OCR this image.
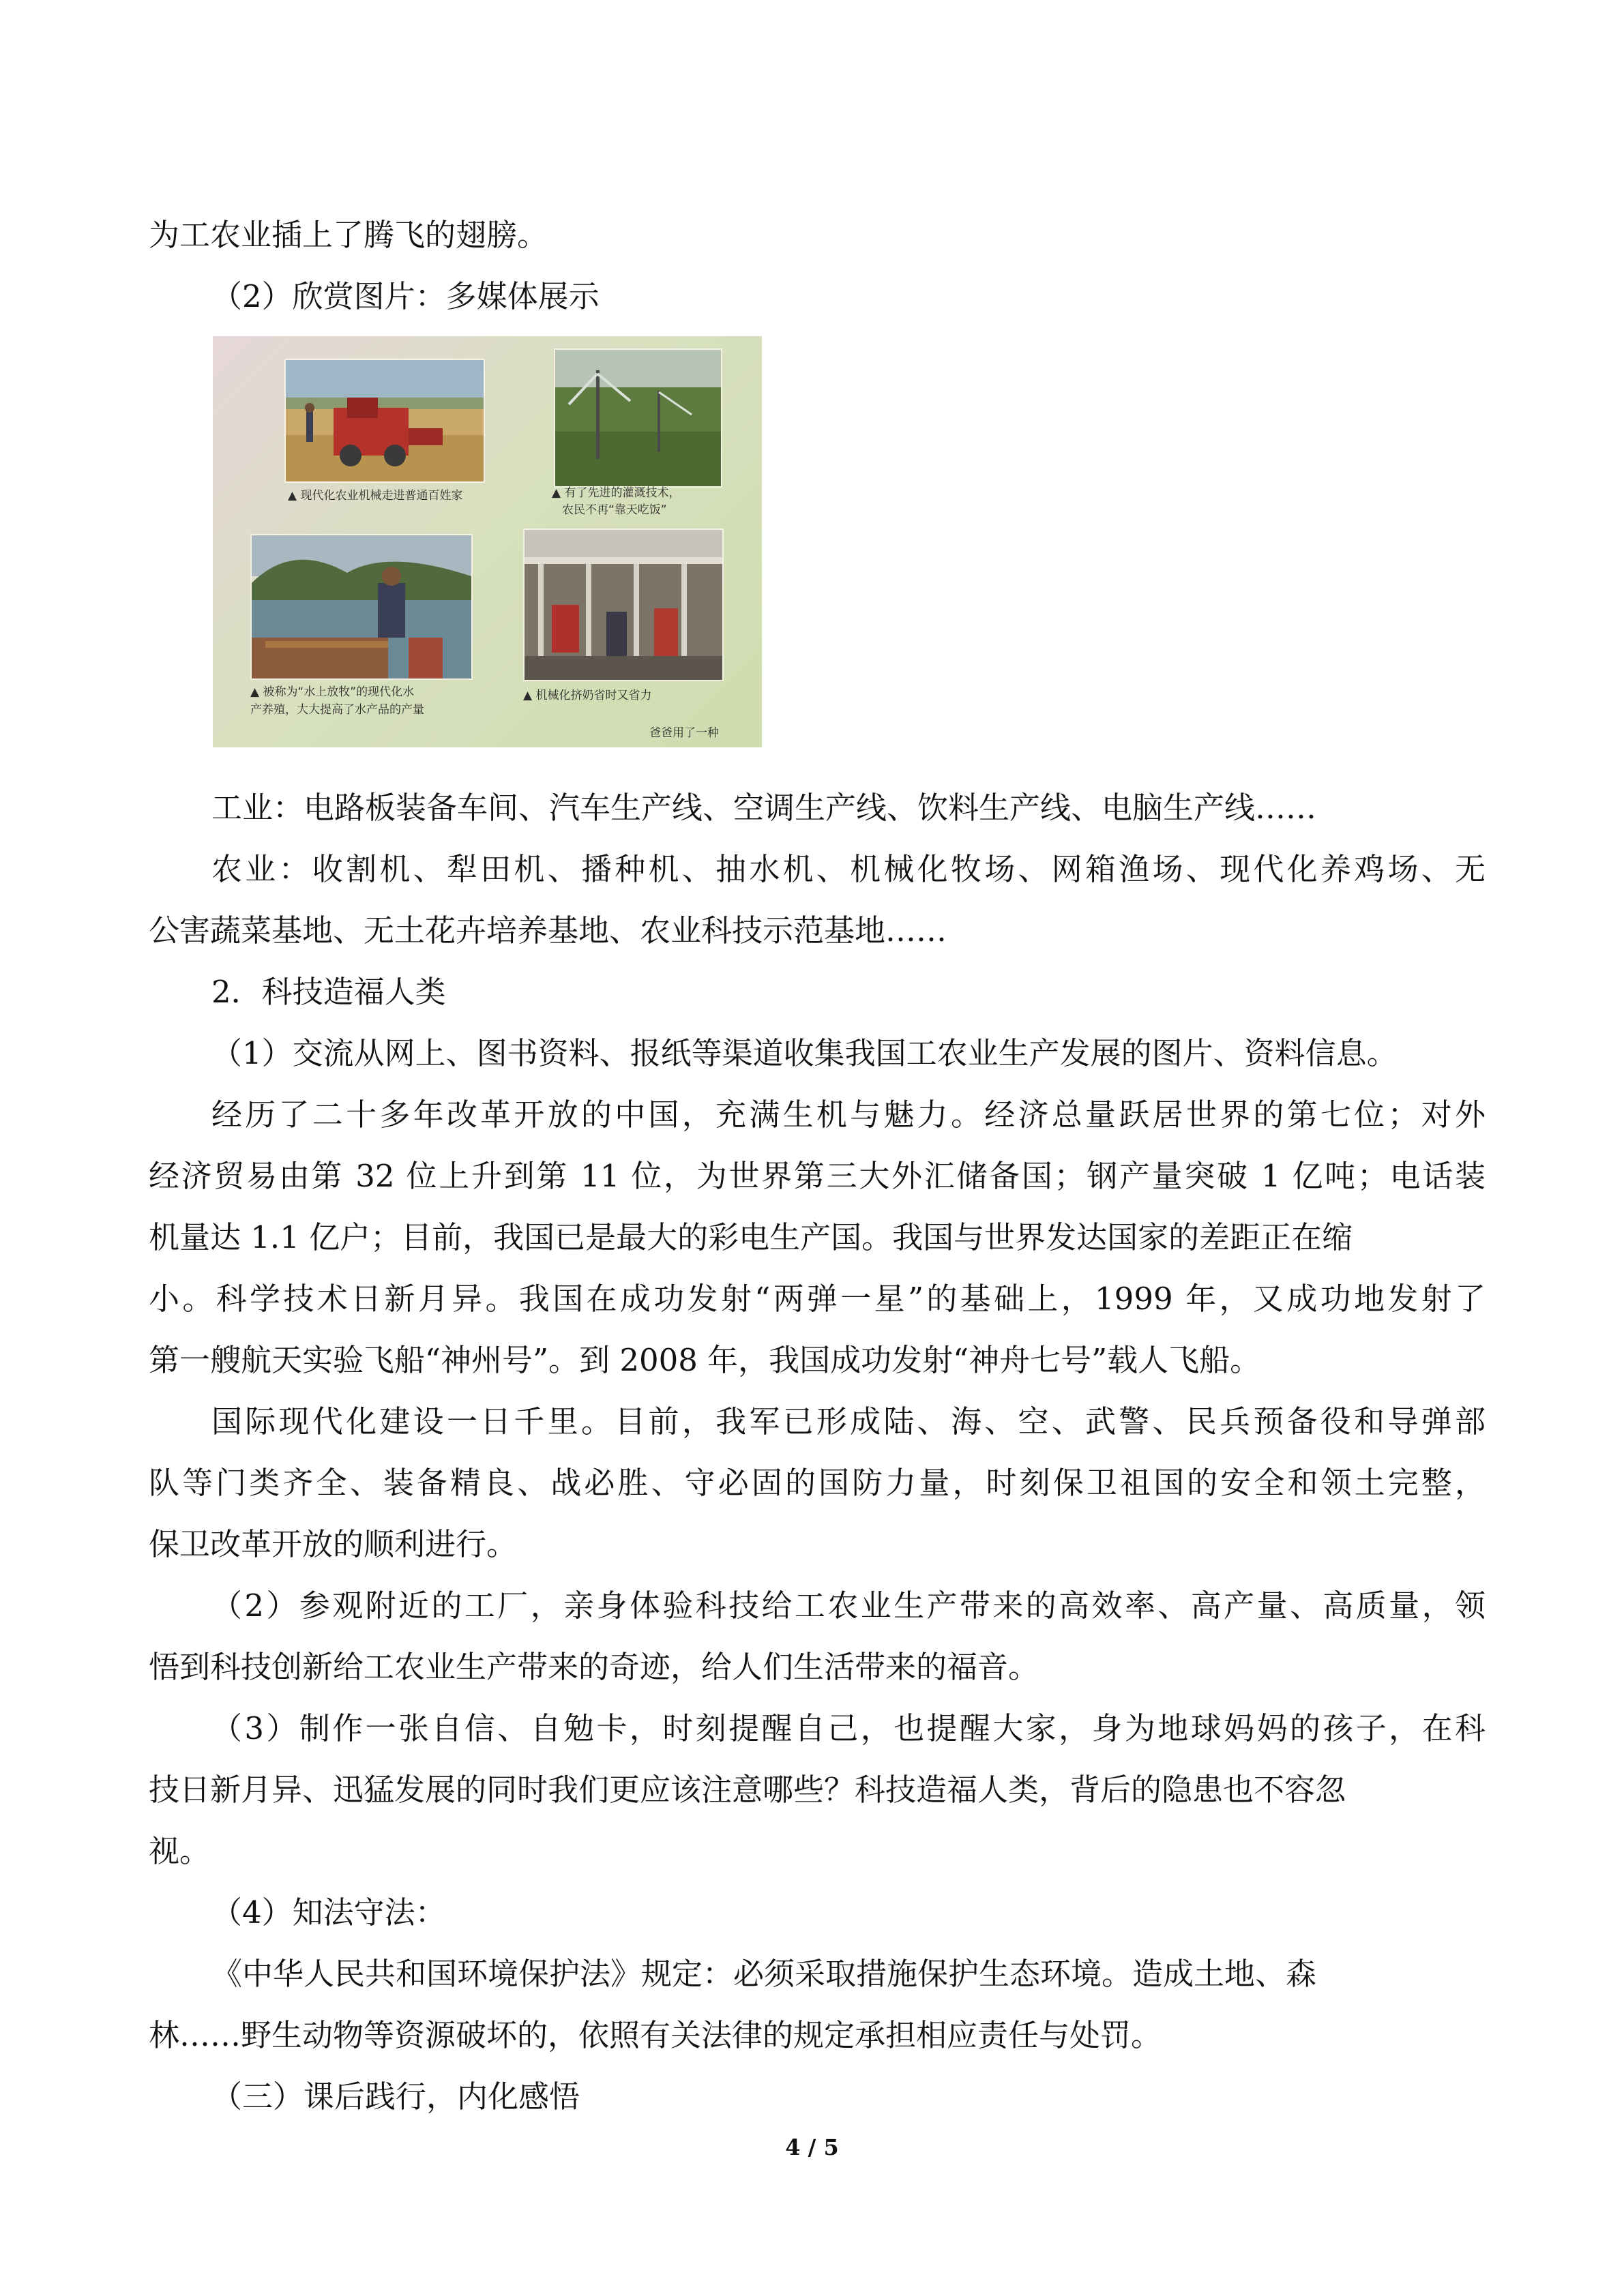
为工农业插上了腾飞的翅膀。
（2）欣赏图片：多媒体展示
▲ 现代化农业机械走进普通百姓家	▲ 有了先进的灌溉技术，
农民不再“靠天吃饭”
▲ 被称为“水上放牧”的现代化水
产养殖，大大提高了水产品的产量
▲ 机械化挤奶省时又省力
爸爸用了一种
工业：电路板装备车间、汽车生产线、空调生产线、饮料生产线、电脑生产线……
农业：收割机、犁田机、播种机、抽水机、机械化牧场、网箱渔场、现代化养鸡场、无
公害蔬菜基地、无土花卉培养基地、农业科技示范基地……
2．科技造福人类
（1）交流从网上、图书资料、报纸等渠道收集我国工农业生产发展的图片、资料信息。
经历了二十多年改革开放的中国，充满生机与魅力。经济总量跃居世界的第七位；对外
经济贸易由第 32 位上升到第 11 位，为世界第三大外汇储备国；钢产量突破 1 亿吨；电话装
机量达 1.1 亿户；目前，我国已是最大的彩电生产国。我国与世界发达国家的差距正在缩
小。科学技术日新月异。我国在成功发射“两弹一星”的基础上，1999 年，又成功地发射了
第一艘航天实验飞船“神州号”。到 2008 年，我国成功发射“神舟七号”载人飞船。
国际现代化建设一日千里。目前，我军已形成陆、海、空、武警、民兵预备役和导弹部
队等门类齐全、装备精良、战必胜、守必固的国防力量，时刻保卫祖国的安全和领土完整，
保卫改革开放的顺利进行。
（2）参观附近的工厂，亲身体验科技给工农业生产带来的高效率、高产量、高质量，领
悟到科技创新给工农业生产带来的奇迹，给人们生活带来的福音。
（3）制作一张自信、自勉卡，时刻提醒自己，也提醒大家，身为地球妈妈的孩子，在科
技日新月异、迅猛发展的同时我们更应该注意哪些？科技造福人类，背后的隐患也不容忽
视。
（4）知法守法：
《中华人民共和国环境保护法》规定：必须采取措施保护生态环境。造成土地、森
林……野生动物等资源破坏的，依照有关法律的规定承担相应责任与处罚。
（三）课后践行，内化感悟
4 / 5
